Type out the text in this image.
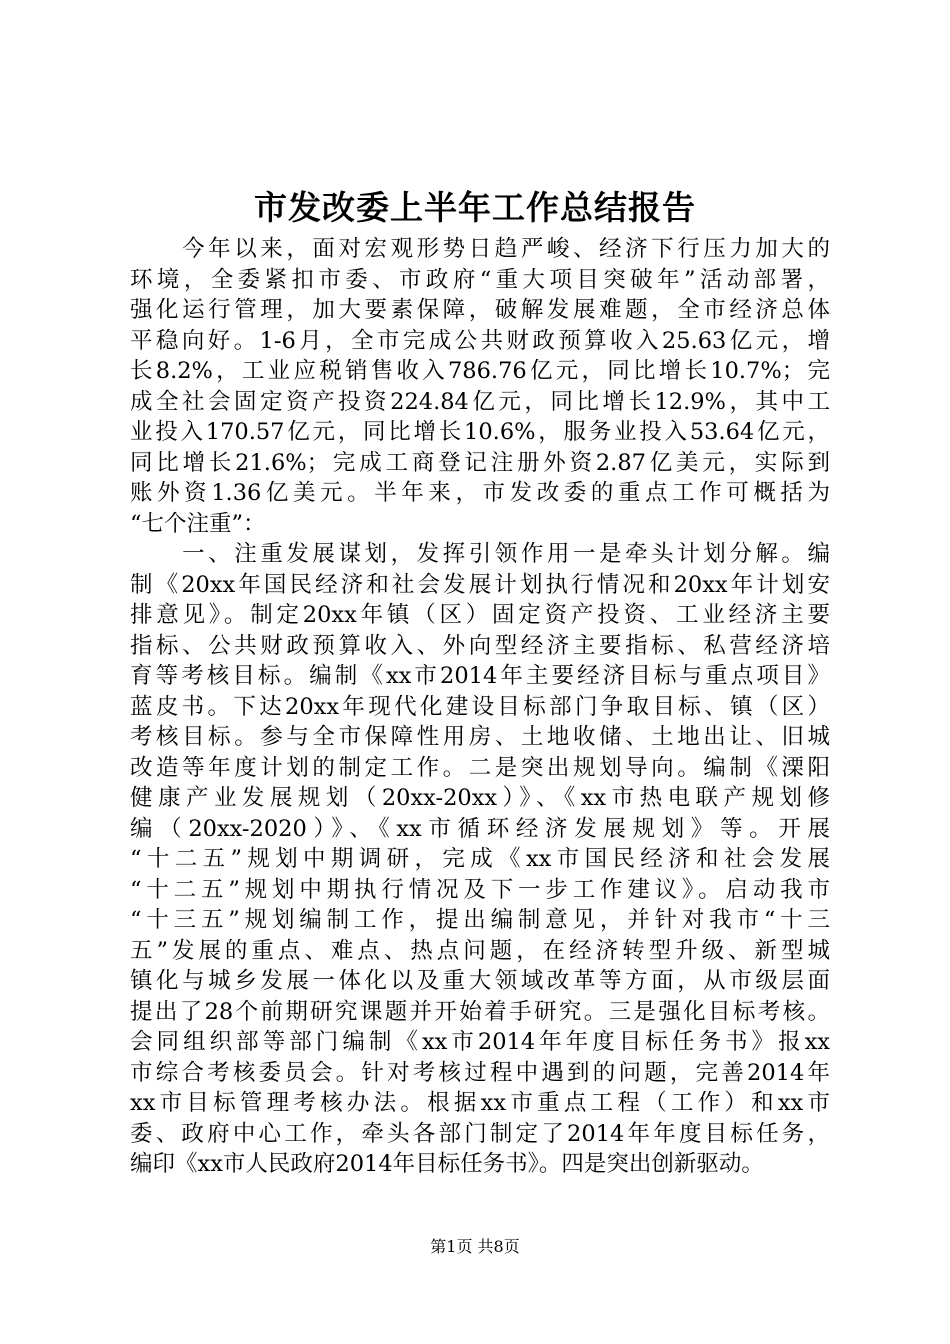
市发改委上半年工作总结报告
　　今年以来，面对宏观形势日趋严峻、经济下行压力加大的
环境，全委紧扣市委、市政府“重大项目突破年”活动部署，
强化运行管理，加大要素保障，破解发展难题，全市经济总体
平稳向好。1-6月，全市完成公共财政预算收入25.63亿元，增
长8.2%，工业应税销售收入786.76亿元，同比增长10.7%；完
成全社会固定资产投资224.84亿元，同比增长12.9%，其中工
业投入170.57亿元，同比增长10.6%，服务业投入53.64亿元，
同比增长21.6%；完成工商登记注册外资2.87亿美元，实际到
账外资1.36亿美元。半年来，市发改委的重点工作可概括为
“七个注重”：
　　一、注重发展谋划，发挥引领作用一是牵头计划分解。编
制《20xx年国民经济和社会发展计划执行情况和20xx年计划安
排意见》。制定20xx年镇（区）固定资产投资、工业经济主要
指标、公共财政预算收入、外向型经济主要指标、私营经济培
育等考核目标。编制《xx市2014年主要经济目标与重点项目》
蓝皮书。下达20xx年现代化建设目标部门争取目标、镇（区）
考核目标。参与全市保障性用房、土地收储、土地出让、旧城
改造等年度计划的制定工作。二是突出规划导向。编制《溧阳
健康产业发展规划（20xx-20xx）》、《xx市热电联产规划修
编（20xx-2020）》、《xx市循环经济发展规划》等。开展
“十二五”规划中期调研，完成《xx市国民经济和社会发展
“十二五”规划中期执行情况及下一步工作建议》。启动我市
“十三五”规划编制工作，提出编制意见，并针对我市“十三
五”发展的重点、难点、热点问题，在经济转型升级、新型城
镇化与城乡发展一体化以及重大领域改革等方面，从市级层面
提出了28个前期研究课题并开始着手研究。三是强化目标考核。
会同组织部等部门编制《xx市2014年年度目标任务书》报xx
市综合考核委员会。针对考核过程中遇到的问题，完善2014年
xx市目标管理考核办法。根据xx市重点工程（工作）和xx市
委、政府中心工作，牵头各部门制定了2014年年度目标任务，
编印《xx市人民政府2014年目标任务书》。四是突出创新驱动。
第1页 共8页
